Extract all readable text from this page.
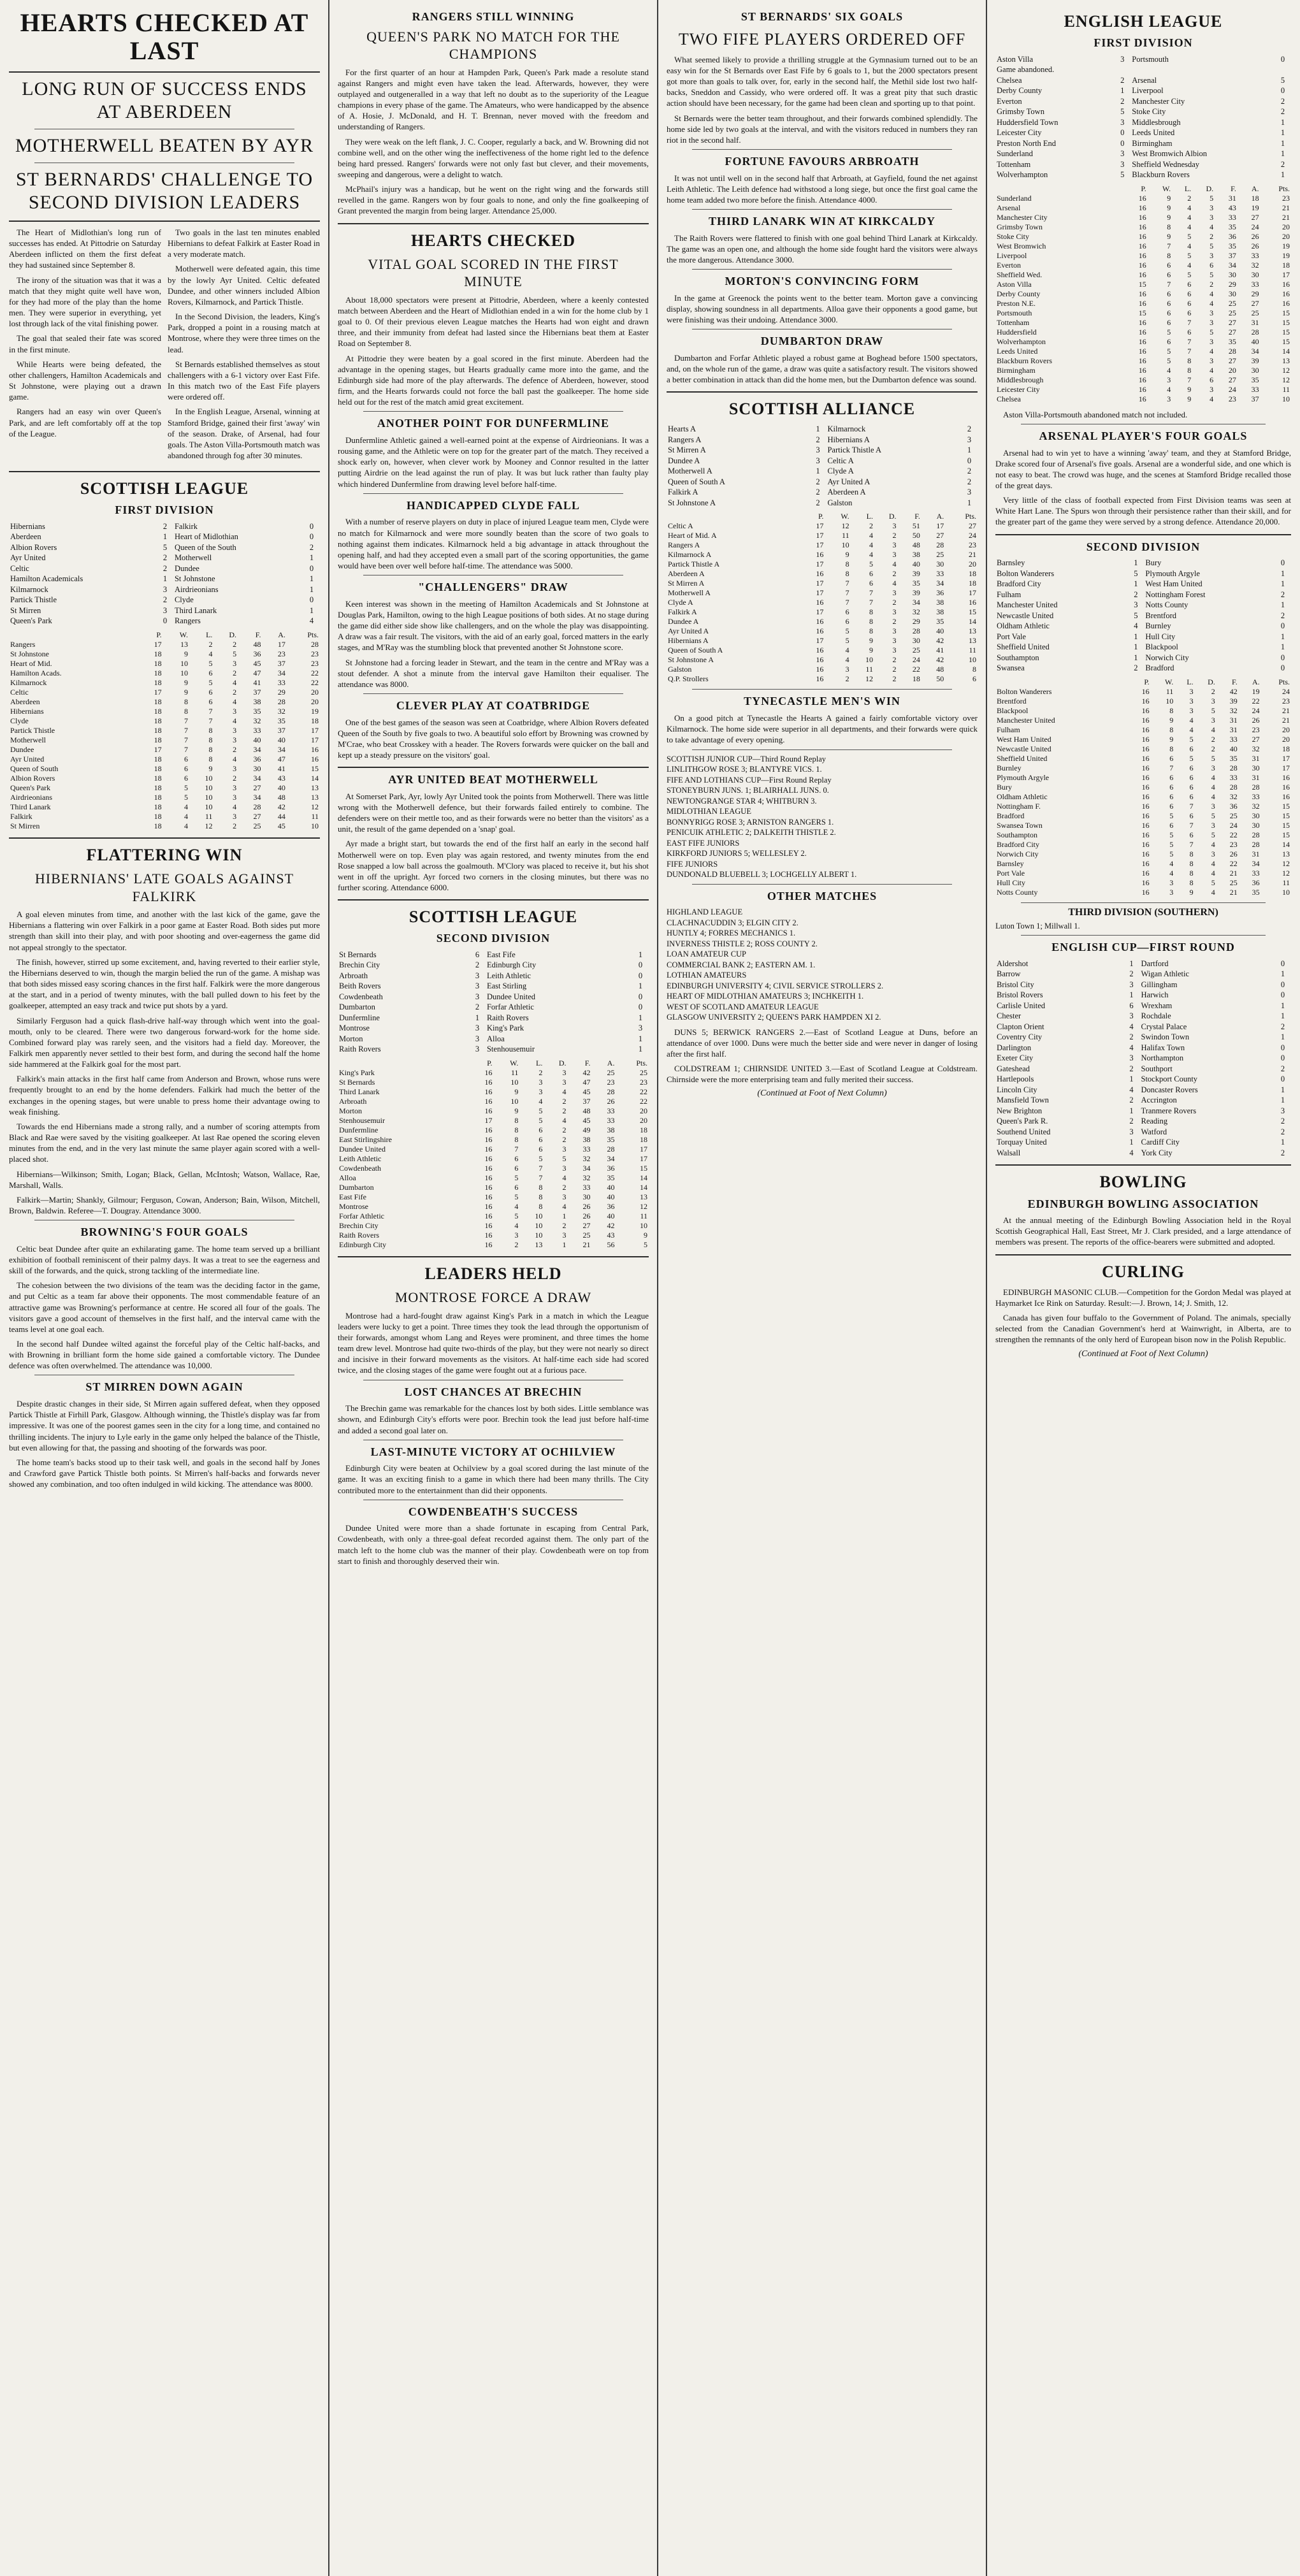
HEARTS CHECKED AT LAST
LONG RUN OF SUCCESS ENDS AT ABERDEEN
MOTHERWELL BEATEN BY AYR
ST BERNARDS' CHALLENGE TO SECOND DIVISION LEADERS

The Heart of Midlothian's long run of successes has ended. At Pittodrie on Saturday Aberdeen inflicted on them the first defeat they had sustained since September 8.

The irony of the situation was that it was a match that they might quite well have won, for they had more of the play than the home men. They were superior in everything, yet lost through lack of the vital finishing power.

The goal that sealed their fate was scored in the first minute.

While Hearts were being defeated, the other challengers, Hamilton Academicals and St Johnstone, were playing out a drawn game.

Rangers had an easy win over Queen's Park, and are left comfortably off at the top of the League.

Two goals in the last ten minutes enabled Hibernians to defeat Falkirk at Easter Road in a very moderate match.

Motherwell were defeated again, this time by the lowly Ayr United. Celtic defeated Dundee, and other winners included Albion Rovers, Kilmarnock, and Partick Thistle.

In the Second Division, the leaders, King's Park, dropped a point in a rousing match at Montrose, where they were three times on the lead.

St Bernards established themselves as stout challengers with a 6-1 victory over East Fife. In this match two of the East Fife players were ordered off.

In the English League, Arsenal, winning at Stamford Bridge, gained their first 'away' win of the season. Drake, of Arsenal, had four goals. The Aston Villa-Portsmouth match was abandoned through fog after 30 minutes.

SCOTTISH LEAGUE
FIRST DIVISION
Hibernians	2	Falkirk	0
Aberdeen	1	Heart of Midlothian	0
Albion Rovers	5	Queen of the South	2
Ayr United	2	Motherwell	1
Celtic	2	Dundee	0
Hamilton Academicals	1	St Johnstone	1
Kilmarnock	3	Airdrieonians	1
Partick Thistle	2	Clyde	0
St Mirren	3	Third Lanark	1
Queen's Park	0	Rangers	4
	P.	W.	L.	D.	F.	A.	Pts.
Rangers	17	13	2	2	48	17	28
St Johnstone	18	9	4	5	36	23	23
Heart of Mid.	18	10	5	3	45	37	23
Hamilton Acads.	18	10	6	2	47	34	22
Kilmarnock	18	9	5	4	41	33	22
Celtic	17	9	6	2	37	29	20
Aberdeen	18	8	6	4	38	28	20
Hibernians	18	8	7	3	35	32	19
Clyde	18	7	7	4	32	35	18
Partick Thistle	18	7	8	3	33	37	17
Motherwell	18	7	8	3	40	40	17
Dundee	17	7	8	2	34	34	16
Ayr United	18	6	8	4	36	47	16
Queen of South	18	6	9	3	30	41	15
Albion Rovers	18	6	10	2	34	43	14
Queen's Park	18	5	10	3	27	40	13
Airdrieonians	18	5	10	3	34	48	13
Third Lanark	18	4	10	4	28	42	12
Falkirk	18	4	11	3	27	44	11
St Mirren	18	4	12	2	25	45	10
FLATTERING WIN
HIBERNIANS' LATE GOALS AGAINST FALKIRK

A goal eleven minutes from time, and another with the last kick of the game, gave the Hibernians a flattering win over Falkirk in a poor game at Easter Road. Both sides put more strength than skill into their play, and with poor shooting and over-eagerness the game did not appeal strongly to the spectator.

The finish, however, stirred up some excitement, and, having reverted to their earlier style, the Hibernians deserved to win, though the margin belied the run of the game. A mishap was that both sides missed easy scoring chances in the first half. Falkirk were the more dangerous at the start, and in a period of twenty minutes, with the ball pulled down to his feet by the goalkeeper, attempted an easy track and twice put shots by a yard.

Similarly Ferguson had a quick flash-drive half-way through which went into the goal-mouth, only to be cleared. There were two dangerous forward-work for the home side. Combined forward play was rarely seen, and the visitors had a field day. Moreover, the Falkirk men apparently never settled to their best form, and during the second half the home side hammered at the Falkirk goal for the most part.

Falkirk's main attacks in the first half came from Anderson and Brown, whose runs were frequently brought to an end by the home defenders. Falkirk had much the better of the exchanges in the opening stages, but were unable to press home their advantage owing to weak finishing.

Towards the end Hibernians made a strong rally, and a number of scoring attempts from Black and Rae were saved by the visiting goalkeeper. At last Rae opened the scoring eleven minutes from the end, and in the very last minute the same player again scored with a well-placed shot.

Hibernians—Wilkinson; Smith, Logan; Black, Gellan, McIntosh; Watson, Wallace, Rae, Marshall, Walls.

Falkirk—Martin; Shankly, Gilmour; Ferguson, Cowan, Anderson; Bain, Wilson, Mitchell, Brown, Baldwin. Referee—T. Dougray. Attendance 3000.

BROWNING'S FOUR GOALS

Celtic beat Dundee after quite an exhilarating game. The home team served up a brilliant exhibition of football reminiscent of their palmy days. It was a treat to see the eagerness and skill of the forwards, and the quick, strong tackling of the intermediate line.

The cohesion between the two divisions of the team was the deciding factor in the game, and put Celtic as a team far above their opponents. The most commendable feature of an attractive game was Browning's performance at centre. He scored all four of the goals. The visitors gave a good account of themselves in the first half, and the interval came with the teams level at one goal each.

In the second half Dundee wilted against the forceful play of the Celtic half-backs, and with Browning in brilliant form the home side gained a comfortable victory. The Dundee defence was often overwhelmed. The attendance was 10,000.

ST MIRREN DOWN AGAIN

Despite drastic changes in their side, St Mirren again suffered defeat, when they opposed Partick Thistle at Firhill Park, Glasgow. Although winning, the Thistle's display was far from impressive. It was one of the poorest games seen in the city for a long time, and contained no thrilling incidents. The injury to Lyle early in the game only helped the balance of the Thistle, but even allowing for that, the passing and shooting of the forwards was poor.

The home team's backs stood up to their task well, and goals in the second half by Jones and Crawford gave Partick Thistle both points. St Mirren's half-backs and forwards never showed any combination, and too often indulged in wild kicking. The attendance was 8000.

RANGERS STILL WINNING
QUEEN'S PARK NO MATCH FOR THE CHAMPIONS

For the first quarter of an hour at Hampden Park, Queen's Park made a resolute stand against Rangers and might even have taken the lead. Afterwards, however, they were outplayed and outgeneralled in a way that left no doubt as to the superiority of the League champions in every phase of the game. The Amateurs, who were handicapped by the absence of A. Hosie, J. McDonald, and H. T. Brennan, never moved with the freedom and understanding of Rangers.

They were weak on the left flank, J. C. Cooper, regularly a back, and W. Browning did not combine well, and on the other wing the ineffectiveness of the home right led to the defence being hard pressed. Rangers' forwards were not only fast but clever, and their movements, sweeping and dangerous, were a delight to watch.

McPhail's injury was a handicap, but he went on the right wing and the forwards still revelled in the game. Rangers won by four goals to none, and only the fine goalkeeping of Grant prevented the margin from being larger. Attendance 25,000.

HEARTS CHECKED
VITAL GOAL SCORED IN THE FIRST MINUTE

About 18,000 spectators were present at Pittodrie, Aberdeen, where a keenly contested match between Aberdeen and the Heart of Midlothian ended in a win for the home club by 1 goal to 0. Of their previous eleven League matches the Hearts had won eight and drawn three, and their immunity from defeat had lasted since the Hibernians beat them at Easter Road on September 8.

At Pittodrie they were beaten by a goal scored in the first minute. Aberdeen had the advantage in the opening stages, but Hearts gradually came more into the game, and the Edinburgh side had more of the play afterwards. The defence of Aberdeen, however, stood firm, and the Hearts forwards could not force the ball past the goalkeeper. The home side held out for the rest of the match amid great excitement.

ANOTHER POINT FOR DUNFERMLINE

Dunfermline Athletic gained a well-earned point at the expense of Airdrieonians. It was a rousing game, and the Athletic were on top for the greater part of the match. They received a shock early on, however, when clever work by Mooney and Connor resulted in the latter putting Airdrie on the lead against the run of play. It was but luck rather than faulty play which hindered Dunfermline from drawing level before half-time.

HANDICAPPED CLYDE FALL

With a number of reserve players on duty in place of injured League team men, Clyde were no match for Kilmarnock and were more soundly beaten than the score of two goals to nothing against them indicates. Kilmarnock held a big advantage in attack throughout the opening half, and had they accepted even a small part of the scoring opportunities, the game would have been over well before half-time. The attendance was 5000.

"CHALLENGERS" DRAW

Keen interest was shown in the meeting of Hamilton Academicals and St Johnstone at Douglas Park, Hamilton, owing to the high League positions of both sides. At no stage during the game did either side show like challengers, and on the whole the play was disappointing. A draw was a fair result. The visitors, with the aid of an early goal, forced matters in the early stages, and M'Ray was the stumbling block that prevented another St Johnstone score.

St Johnstone had a forcing leader in Stewart, and the team in the centre and M'Ray was a stout defender. A shot a minute from the interval gave Hamilton their equaliser. The attendance was 8000.

CLEVER PLAY AT COATBRIDGE

One of the best games of the season was seen at Coatbridge, where Albion Rovers defeated Queen of the South by five goals to two. A beautiful solo effort by Browning was crowned by M'Crae, who beat Crosskey with a header. The Rovers forwards were quicker on the ball and kept up a steady pressure on the visitors' goal.

AYR UNITED BEAT MOTHERWELL

At Somerset Park, Ayr, lowly Ayr United took the points from Motherwell. There was little wrong with the Motherwell defence, but their forwards failed entirely to combine. The defenders were on their mettle too, and as their forwards were no better than the visitors' as a unit, the result of the game depended on a 'snap' goal.

Ayr made a bright start, but towards the end of the first half an early in the second half Motherwell were on top. Even play was again restored, and twenty minutes from the end Rose snapped a low ball across the goalmouth. M'Clory was placed to receive it, but his shot went in off the upright. Ayr forced two corners in the closing minutes, but there was no further scoring. Attendance 6000.

SCOTTISH LEAGUE
SECOND DIVISION
St Bernards	6	East Fife	1
Brechin City	2	Edinburgh City	0
Arbroath	3	Leith Athletic	0
Beith Rovers	3	East Stirling	1
Cowdenbeath	3	Dundee United	0
Dumbarton	2	Forfar Athletic	0
Dunfermline	1	Raith Rovers	1
Montrose	3	King's Park	3
Morton	3	Alloa	1
Raith Rovers	3	Stenhousemuir	1
	P.	W.	L.	D.	F.	A.	Pts.
King's Park	16	11	2	3	42	25	25
St Bernards	16	10	3	3	47	23	23
Third Lanark	16	9	3	4	45	28	22
Arbroath	16	10	4	2	37	26	22
Morton	16	9	5	2	48	33	20
Stenhousemuir	17	8	5	4	45	33	20
Dunfermline	16	8	6	2	49	38	18
East Stirlingshire	16	8	6	2	38	35	18
Dundee United	16	7	6	3	33	28	17
Leith Athletic	16	6	5	5	32	34	17
Cowdenbeath	16	6	7	3	34	36	15
Alloa	16	5	7	4	32	35	14
Dumbarton	16	6	8	2	33	40	14
East Fife	16	5	8	3	30	40	13
Montrose	16	4	8	4	26	36	12
Forfar Athletic	16	5	10	1	26	40	11
Brechin City	16	4	10	2	27	42	10
Raith Rovers	16	3	10	3	25	43	9
Edinburgh City	16	2	13	1	21	56	5
LEADERS HELD
MONTROSE FORCE A DRAW

Montrose had a hard-fought draw against King's Park in a match in which the League leaders were lucky to get a point. Three times they took the lead through the opportunism of their forwards, amongst whom Lang and Reyes were prominent, and three times the home team drew level. Montrose had quite two-thirds of the play, but they were not nearly so direct and incisive in their forward movements as the visitors. At half-time each side had scored twice, and the closing stages of the game were fought out at a furious pace.

LOST CHANCES AT BRECHIN

The Brechin game was remarkable for the chances lost by both sides. Little semblance was shown, and Edinburgh City's efforts were poor. Brechin took the lead just before half-time and added a second goal later on.

LAST-MINUTE VICTORY AT OCHILVIEW

Edinburgh City were beaten at Ochilview by a goal scored during the last minute of the game. It was an exciting finish to a game in which there had been many thrills. The City contributed more to the entertainment than did their opponents.

COWDENBEATH'S SUCCESS

Dundee United were more than a shade fortunate in escaping from Central Park, Cowdenbeath, with only a three-goal defeat recorded against them. The only part of the match left to the home club was the manner of their play. Cowdenbeath were on top from start to finish and thoroughly deserved their win.

ST BERNARDS' SIX GOALS
TWO FIFE PLAYERS ORDERED OFF

What seemed likely to provide a thrilling struggle at the Gymnasium turned out to be an easy win for the St Bernards over East Fife by 6 goals to 1, but the 2000 spectators present got more than goals to talk over, for, early in the second half, the Methil side lost two half-backs, Sneddon and Cassidy, who were ordered off. It was a great pity that such drastic action should have been necessary, for the game had been clean and sporting up to that point.

St Bernards were the better team throughout, and their forwards combined splendidly. The home side led by two goals at the interval, and with the visitors reduced in numbers they ran riot in the second half.

FORTUNE FAVOURS ARBROATH

It was not until well on in the second half that Arbroath, at Gayfield, found the net against Leith Athletic. The Leith defence had withstood a long siege, but once the first goal came the home team added two more before the finish. Attendance 4000.

THIRD LANARK WIN AT KIRKCALDY

The Raith Rovers were flattered to finish with one goal behind Third Lanark at Kirkcaldy. The game was an open one, and although the home side fought hard the visitors were always the more dangerous. Attendance 3000.

MORTON'S CONVINCING FORM

In the game at Greenock the points went to the better team. Morton gave a convincing display, showing soundness in all departments. Alloa gave their opponents a good game, but were finishing was their undoing. Attendance 3000.

DUMBARTON DRAW

Dumbarton and Forfar Athletic played a robust game at Boghead before 1500 spectators, and, on the whole run of the game, a draw was quite a satisfactory result. The visitors showed a better combination in attack than did the home men, but the Dumbarton defence was sound.

SCOTTISH ALLIANCE
Hearts A	1	Kilmarnock	2
Rangers A	2	Hibernians A	3
St Mirren A	3	Partick Thistle A	1
Dundee A	3	Celtic A	0
Motherwell A	1	Clyde A	2
Queen of South A	2	Ayr United A	2
Falkirk A	2	Aberdeen A	3
St Johnstone A	2	Galston	1
	P.	W.	L.	D.	F.	A.	Pts.
Celtic A	17	12	2	3	51	17	27
Heart of Mid. A	17	11	4	2	50	27	24
Rangers A	17	10	4	3	48	28	23
Kilmarnock A	16	9	4	3	38	25	21
Partick Thistle A	17	8	5	4	40	30	20
Aberdeen A	16	8	6	2	39	33	18
St Mirren A	17	7	6	4	35	34	18
Motherwell A	17	7	7	3	39	36	17
Clyde A	16	7	7	2	34	38	16
Falkirk A	17	6	8	3	32	38	15
Dundee A	16	6	8	2	29	35	14
Ayr United A	16	5	8	3	28	40	13
Hibernians A	17	5	9	3	30	42	13
Queen of South A	16	4	9	3	25	41	11
St Johnstone A	16	4	10	2	24	42	10
Galston	16	3	11	2	22	48	8
Q.P. Strollers	16	2	12	2	18	50	6
TYNECASTLE MEN'S WIN

On a good pitch at Tynecastle the Hearts A gained a fairly comfortable victory over Kilmarnock. The home side were superior in all departments, and their forwards were quick to take advantage of every opening.

SCOTTISH JUNIOR CUP—Third Round Replay
LINLITHGOW ROSE 3; BLANTYRE VICS. 1.
FIFE AND LOTHIANS CUP—First Round Replay
STONEYBURN JUNS. 1; BLAIRHALL JUNS. 0.
NEWTONGRANGE STAR 4; WHITBURN 3.
MIDLOTHIAN LEAGUE
BONNYRIGG ROSE 3; ARNISTON RANGERS 1.
PENICUIK ATHLETIC 2; DALKEITH THISTLE 2.
EAST FIFE JUNIORS
KIRKFORD JUNIORS 5; WELLESLEY 2.
FIFE JUNIORS
DUNDONALD BLUEBELL 3; LOCHGELLY ALBERT 1.
OTHER MATCHES
HIGHLAND LEAGUE
CLACHNACUDDIN 3; ELGIN CITY 2.
HUNTLY 4; FORRES MECHANICS 1.
INVERNESS THISTLE 2; ROSS COUNTY 2.
LOAN AMATEUR CUP
COMMERCIAL BANK 2; EASTERN AM. 1.
LOTHIAN AMATEURS
EDINBURGH UNIVERSITY 4; CIVIL SERVICE STROLLERS 2.
HEART OF MIDLOTHIAN AMATEURS 3; INCHKEITH 1.
WEST OF SCOTLAND AMATEUR LEAGUE
GLASGOW UNIVERSITY 2; QUEEN'S PARK HAMPDEN XI 2.

DUNS 5; BERWICK RANGERS 2.—East of Scotland League at Duns, before an attendance of over 1000. Duns were much the better side and were never in danger of losing after the first half.

COLDSTREAM 1; CHIRNSIDE UNITED 3.—East of Scotland League at Coldstream. Chirnside were the more enterprising team and fully merited their success.

(Continued at Foot of Next Column)
ENGLISH LEAGUE
FIRST DIVISION
Aston Villa	3	Portsmouth	0
Game abandoned.			
Chelsea	2	Arsenal	5
Derby County	1	Liverpool	0
Everton	2	Manchester City	2
Grimsby Town	5	Stoke City	2
Huddersfield Town	3	Middlesbrough	1
Leicester City	0	Leeds United	1
Preston North End	0	Birmingham	1
Sunderland	3	West Bromwich Albion	1
Tottenham	3	Sheffield Wednesday	2
Wolverhampton	5	Blackburn Rovers	1
	P.	W.	L.	D.	F.	A.	Pts.
Sunderland	16	9	2	5	31	18	23
Arsenal	16	9	4	3	43	19	21
Manchester City	16	9	4	3	33	27	21
Grimsby Town	16	8	4	4	35	24	20
Stoke City	16	9	5	2	36	26	20
West Bromwich	16	7	4	5	35	26	19
Liverpool	16	8	5	3	37	33	19
Everton	16	6	4	6	34	32	18
Sheffield Wed.	16	6	5	5	30	30	17
Aston Villa	15	7	6	2	29	33	16
Derby County	16	6	6	4	30	29	16
Preston N.E.	16	6	6	4	25	27	16
Portsmouth	15	6	6	3	25	25	15
Tottenham	16	6	7	3	27	31	15
Huddersfield	16	5	6	5	27	28	15
Wolverhampton	16	6	7	3	35	40	15
Leeds United	16	5	7	4	28	34	14
Blackburn Rovers	16	5	8	3	27	39	13
Birmingham	16	4	8	4	20	30	12
Middlesbrough	16	3	7	6	27	35	12
Leicester City	16	4	9	3	24	33	11
Chelsea	16	3	9	4	23	37	10

Aston Villa-Portsmouth abandoned match not included.

ARSENAL PLAYER'S FOUR GOALS

Arsenal had to win yet to have a winning 'away' team, and they at Stamford Bridge, Drake scored four of Arsenal's five goals. Arsenal are a wonderful side, and one which is not easy to beat. The crowd was huge, and the scenes at Stamford Bridge recalled those of the great days.

Very little of the class of football expected from First Division teams was seen at White Hart Lane. The Spurs won through their persistence rather than their skill, and for the greater part of the game they were served by a strong defence. Attendance 20,000.

SECOND DIVISION
Barnsley	1	Bury	0
Bolton Wanderers	5	Plymouth Argyle	1
Bradford City	1	West Ham United	1
Fulham	2	Nottingham Forest	2
Manchester United	3	Notts County	1
Newcastle United	5	Brentford	2
Oldham Athletic	4	Burnley	0
Port Vale	1	Hull City	1
Sheffield United	1	Blackpool	1
Southampton	1	Norwich City	0
Swansea	2	Bradford	0
	P.	W.	L.	D.	F.	A.	Pts.
Bolton Wanderers	16	11	3	2	42	19	24
Brentford	16	10	3	3	39	22	23
Blackpool	16	8	3	5	32	24	21
Manchester United	16	9	4	3	31	26	21
Fulham	16	8	4	4	31	23	20
West Ham United	16	9	5	2	33	27	20
Newcastle United	16	8	6	2	40	32	18
Sheffield United	16	6	5	5	35	31	17
Burnley	16	7	6	3	28	30	17
Plymouth Argyle	16	6	6	4	33	31	16
Bury	16	6	6	4	28	28	16
Oldham Athletic	16	6	6	4	32	33	16
Nottingham F.	16	6	7	3	36	32	15
Bradford	16	5	6	5	25	30	15
Swansea Town	16	6	7	3	24	30	15
Southampton	16	5	6	5	22	28	15
Bradford City	16	5	7	4	23	28	14
Norwich City	16	5	8	3	26	31	13
Barnsley	16	4	8	4	22	34	12
Port Vale	16	4	8	4	21	33	12
Hull City	16	3	8	5	25	36	11
Notts County	16	3	9	4	21	35	10
THIRD DIVISION (SOUTHERN)
Luton Town 1; Millwall 1.
ENGLISH CUP—FIRST ROUND
Aldershot	1	Dartford	0
Barrow	2	Wigan Athletic	1
Bristol City	3	Gillingham	0
Bristol Rovers	1	Harwich	0
Carlisle United	6	Wrexham	1
Chester	3	Rochdale	1
Clapton Orient	4	Crystal Palace	2
Coventry City	2	Swindon Town	1
Darlington	4	Halifax Town	0
Exeter City	3	Northampton	0
Gateshead	2	Southport	2
Hartlepools	1	Stockport County	0
Lincoln City	4	Doncaster Rovers	1
Mansfield Town	2	Accrington	1
New Brighton	1	Tranmere Rovers	3
Queen's Park R.	2	Reading	2
Southend United	3	Watford	2
Torquay United	1	Cardiff City	1
Walsall	4	York City	2
BOWLING
EDINBURGH BOWLING ASSOCIATION

At the annual meeting of the Edinburgh Bowling Association held in the Royal Scottish Geographical Hall, East Street, Mr J. Clark presided, and a large attendance of members was present. The reports of the office-bearers were submitted and adopted.

CURLING

EDINBURGH MASONIC CLUB.—Competition for the Gordon Medal was played at Haymarket Ice Rink on Saturday. Result:—J. Brown, 14; J. Smith, 12.

Canada has given four buffalo to the Government of Poland. The animals, specially selected from the Canadian Government's herd at Wainwright, in Alberta, are to strengthen the remnants of the only herd of European bison now in the Polish Republic.

(Continued at Foot of Next Column)
